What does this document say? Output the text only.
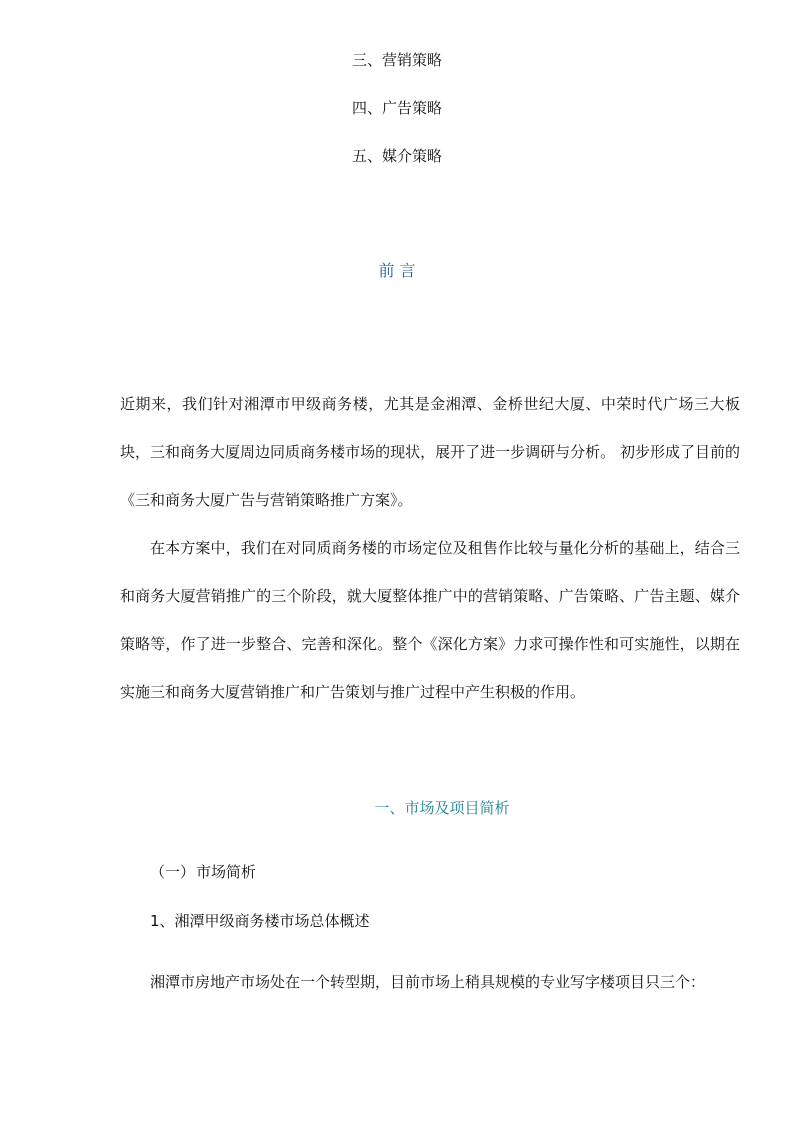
三、营销策略
四、广告策略
五、媒介策略
前 言

近期来，我们针对湘潭市甲级商务楼，尤其是金湘潭、金桥世纪大厦、中荣时代广场三大板块，三和商务大厦周边同质商务楼市场的现状，展开了进一步调研与分析。 初步形成了目前的《三和商务大厦广告与营销策略推广方案》。

在本方案中，我们在对同质商务楼的市场定位及租售作比较与量化分析的基础上，结合三和商务大厦营销推广的三个阶段，就大厦整体推广中的营销策略、广告策略、广告主题、媒介策略等，作了进一步整合、完善和深化。整个《深化方案》力求可操作性和可实施性，以期在实施三和商务大厦营销推广和广告策划与推广过程中产生积极的作用。

一、市场及项目简析
（一）市场简析
1、湘潭甲级商务楼市场总体概述
湘潭市房地产市场处在一个转型期，目前市场上稍具规模的专业写字楼项目只三个：
